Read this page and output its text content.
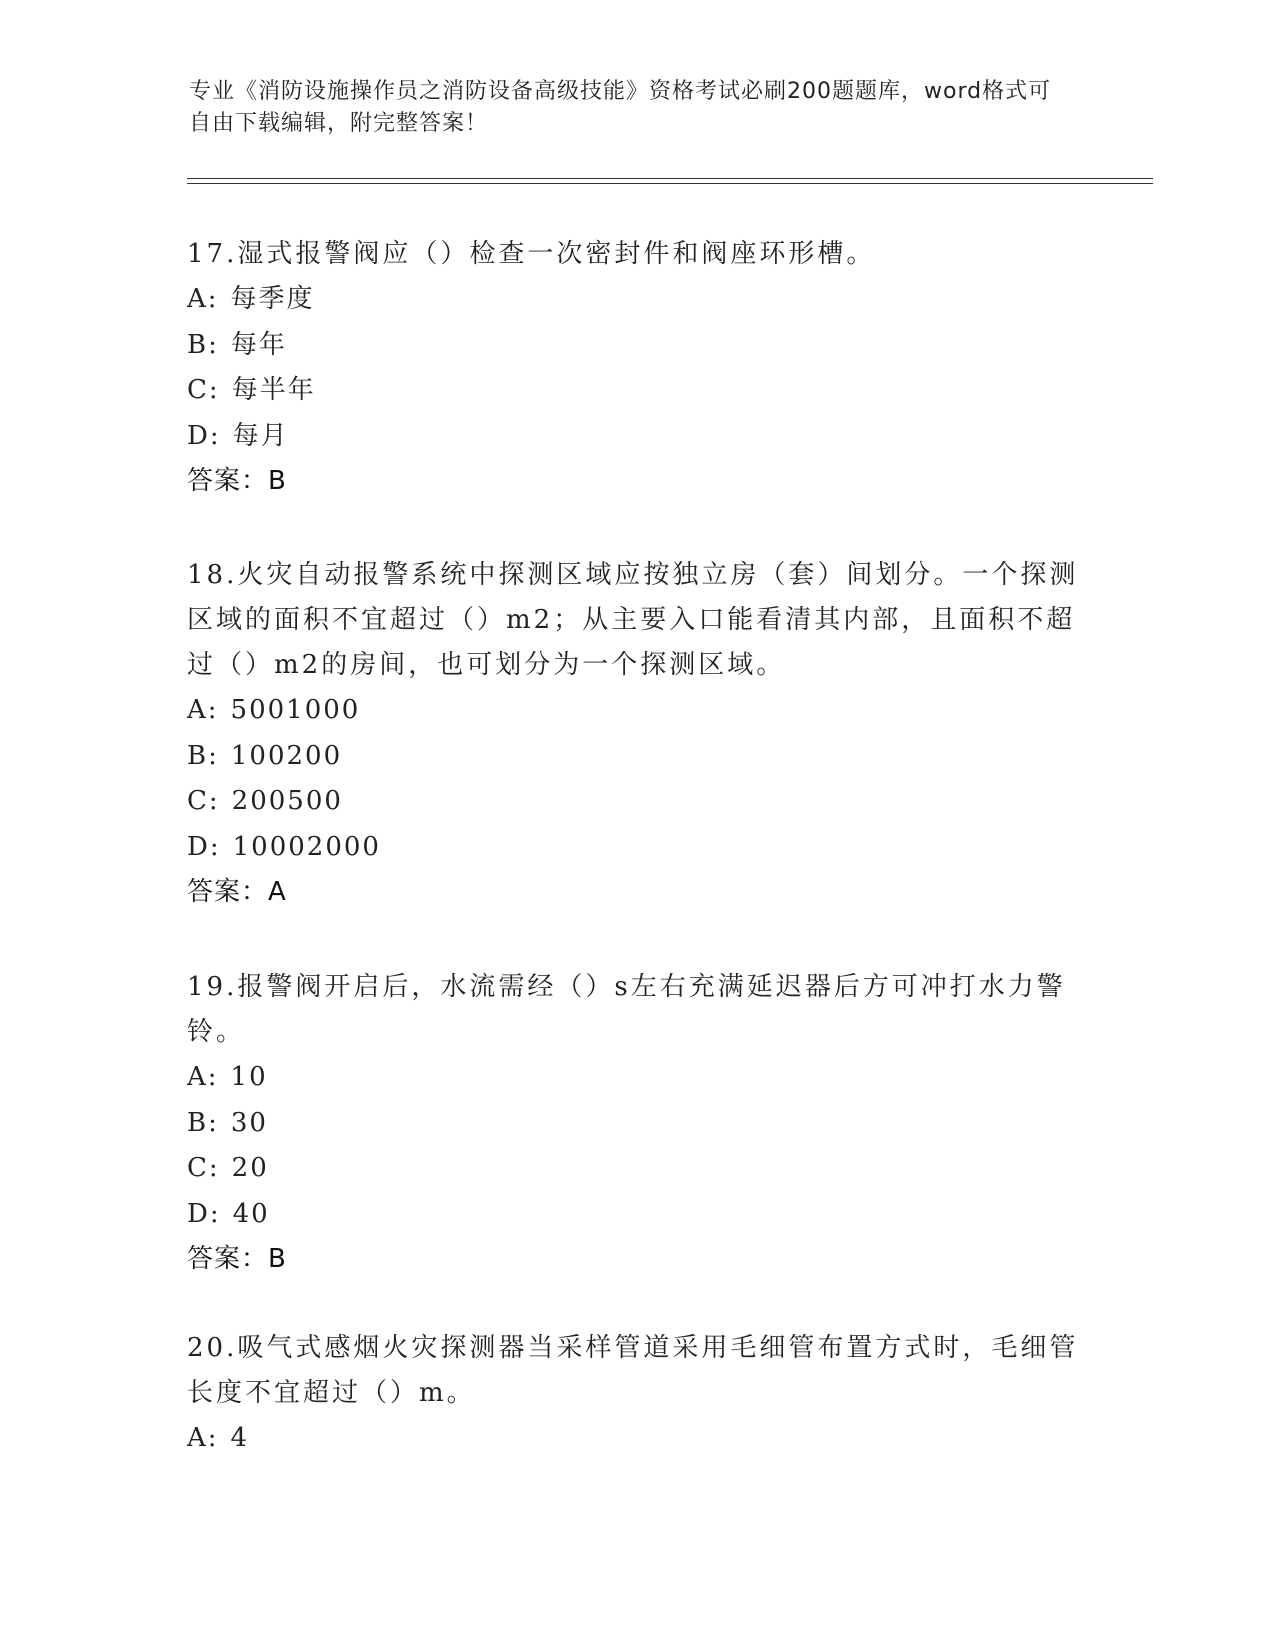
专业《消防设施操作员之消防设备高级技能》资格考试必刷200题题库，word格式可自由下载编辑，附完整答案！

17.湿式报警阀应（）检查一次密封件和阀座环形槽。

A: 每季度
B: 每年
C: 每半年
D: 每月
答案：B

18.火灾自动报警系统中探测区域应按独立房（套）间划分。一个探测区域的面积不宜超过（）m2；从主要入口能看清其内部，且面积不超过（）m2的房间，也可划分为一个探测区域。

A: 5001000
B: 100200
C: 200500
D: 10002000
答案：A

19.报警阀开启后，水流需经（）s左右充满延迟器后方可冲打水力警铃。

A: 10
B: 30
C: 20
D: 40
答案：B

20.吸气式感烟火灾探测器当采样管道采用毛细管布置方式时，毛细管长度不宜超过（）m。

A: 4
